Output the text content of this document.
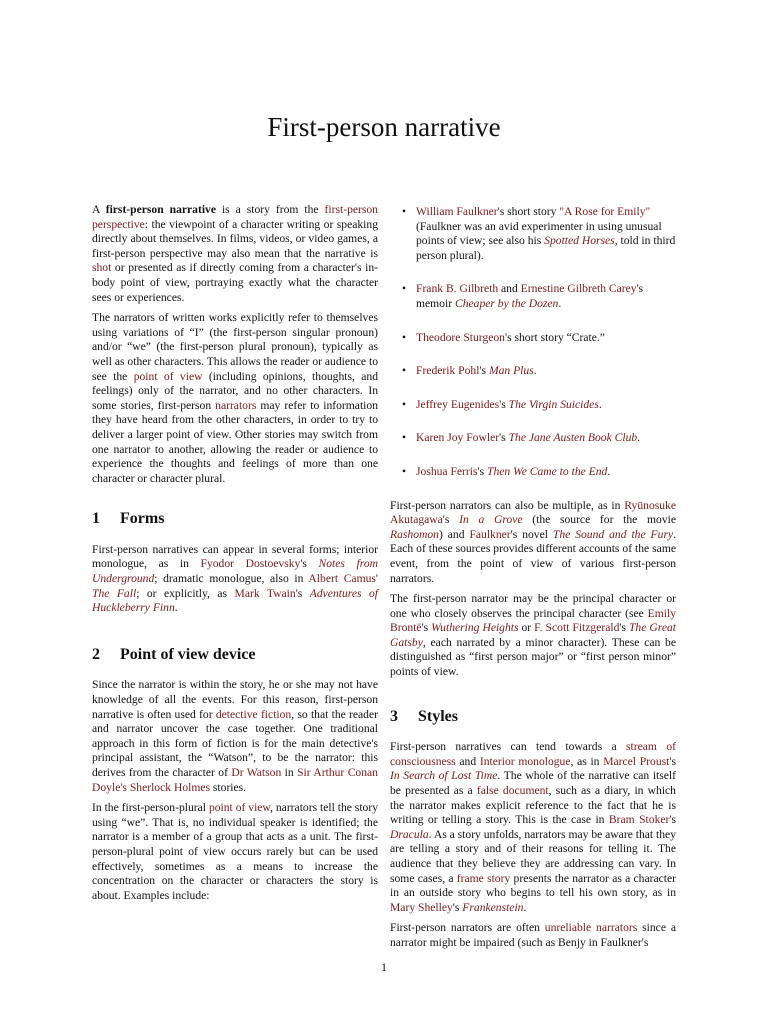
First-person narrative

A first-person narrative is a story from the first-person perspective: the viewpoint of a character writing or speaking directly about themselves. In films, videos, or video games, a first-person perspective may also mean that the narrative is shot or presented as if directly coming from a character's in-body point of view, portraying exactly what the character sees or experiences.

The narrators of written works explicitly refer to themselves using variations of “I” (the first-person singular pronoun) and/or “we” (the first-person plural pronoun), typically as well as other characters. This allows the reader or audience to see the point of view (including opinions, thoughts, and feelings) only of the narrator, and no other characters. In some stories, first-person narrators may refer to information they have heard from the other characters, in order to try to deliver a larger point of view. Other stories may switch from one narrator to another, allowing the reader or audience to experience the thoughts and feelings of more than one character or character plural.

1	Forms

First-person narratives can appear in several forms; interior monologue, as in Fyodor Dostoevsky's Notes from Underground; dramatic monologue, also in Albert Camus' The Fall; or explicitly, as Mark Twain's Adventures of Huckleberry Finn.

2	Point of view device

Since the narrator is within the story, he or she may not have knowledge of all the events. For this reason, first-person narrative is often used for detective fiction, so that the reader and narrator uncover the case together. One traditional approach in this form of fiction is for the main detective's principal assistant, the “Watson”, to be the narrator: this derives from the character of Dr Watson in Sir Arthur Conan Doyle's Sherlock Holmes stories.

In the first-person-plural point of view, narrators tell the story using “we”. That is, no individual speaker is identified; the narrator is a member of a group that acts as a unit. The first-person-plural point of view occurs rarely but can be used effectively, sometimes as a means to increase the concentration on the character or characters the story is about. Examples include:

• William Faulkner's short story "A Rose for Emily" (Faulkner was an avid experimenter in using unusual points of view; see also his Spotted Horses, told in third person plural).
• Frank B. Gilbreth and Ernestine Gilbreth Carey's memoir Cheaper by the Dozen.
• Theodore Sturgeon's short story “Crate.”
• Frederik Pohl's Man Plus.
• Jeffrey Eugenides's The Virgin Suicides.
• Karen Joy Fowler's The Jane Austen Book Club.
• Joshua Ferris's Then We Came to the End.

First-person narrators can also be multiple, as in Ryūnosuke Akutagawa's In a Grove (the source for the movie Rashomon) and Faulkner's novel The Sound and the Fury. Each of these sources provides different accounts of the same event, from the point of view of various first-person narrators.

The first-person narrator may be the principal character or one who closely observes the principal character (see Emily Brontë's Wuthering Heights or F. Scott Fitzgerald's The Great Gatsby, each narrated by a minor character). These can be distinguished as “first person major” or “first person minor” points of view.

3	Styles

First-person narratives can tend towards a stream of consciousness and Interior monologue, as in Marcel Proust's In Search of Lost Time. The whole of the narrative can itself be presented as a false document, such as a diary, in which the narrator makes explicit reference to the fact that he is writing or telling a story. This is the case in Bram Stoker's Dracula. As a story unfolds, narrators may be aware that they are telling a story and of their reasons for telling it. The audience that they believe they are addressing can vary. In some cases, a frame story presents the narrator as a character in an outside story who begins to tell his own story, as in Mary Shelley's Frankenstein.

First-person narrators are often unreliable narrators since a narrator might be impaired (such as Benjy in Faulkner's

1
